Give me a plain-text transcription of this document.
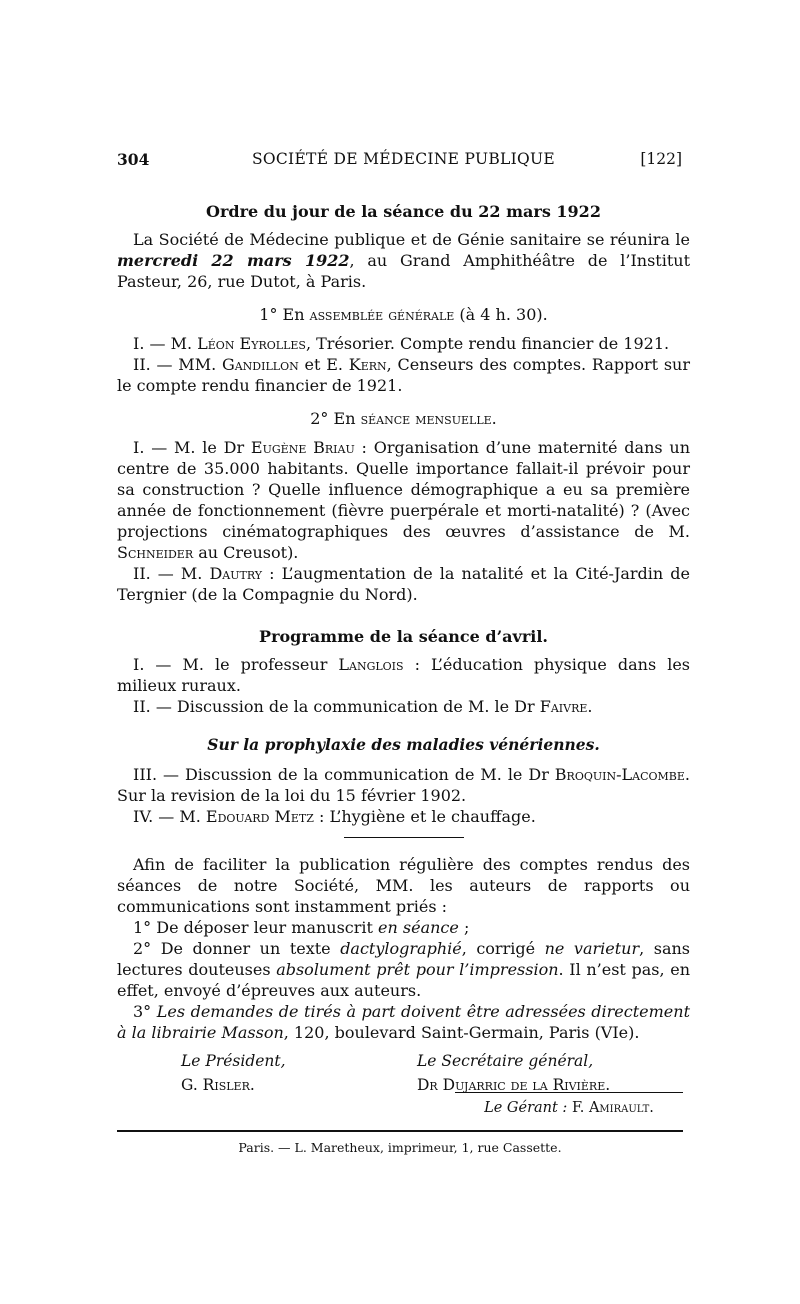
304	SOCIÉTÉ DE MÉDECINE PUBLIQUE	[122]
Ordre du jour de la séance du 22 mars 1922

La Société de Médecine publique et de Génie sanitaire se réunira le mercredi 22 mars 1922, au Grand Amphithéâtre de l’Institut Pasteur, 26, rue Dutot, à Paris.

1° En assemblée générale (à 4 h. 30).

I. — M. Léon Eyrolles, Trésorier. Compte rendu financier de 1921.

II. — MM. Gandillon et E. Kern, Censeurs des comptes. Rapport sur le compte rendu financier de 1921.

2° En séance mensuelle.

I. — M. le Dr Eugène Briau : Organisation d’une maternité dans un centre de 35.000 habitants. Quelle importance fallait-il prévoir pour sa construction ? Quelle influence démographique a eu sa première année de fonctionnement (fièvre puerpérale et morti-natalité) ? (Avec projections cinématographiques des œuvres d’assistance de M. Schneider au Creusot).

II. — M. Dautry : L’augmentation de la natalité et la Cité-Jardin de Tergnier (de la Compagnie du Nord).

Programme de la séance d’avril.

I. — M. le professeur Langlois : L’éducation physique dans les milieux ruraux.

II. — Discussion de la communication de M. le Dr Faivre.

Sur la prophylaxie des maladies vénériennes.

III. — Discussion de la communication de M. le Dr Broquin-Lacombe. Sur la revision de la loi du 15 février 1902.

IV. — M. Edouard Metz : L’hygiène et le chauffage.

Afin de faciliter la publication régulière des comptes rendus des séances de notre Société, MM. les auteurs de rapports ou communications sont instamment priés :

1° De déposer leur manuscrit en séance ;

2° De donner un texte dactylographié, corrigé ne varietur, sans lectures douteuses absolument prêt pour l’impression. Il n’est pas, en effet, envoyé d’épreuves aux auteurs.

3° Les demandes de tirés à part doivent être adressées directement à la librairie Masson, 120, boulevard Saint-Germain, Paris (VIe).

Le Président,
G. Risler.
Le Secrétaire général,
Dr Dujarric de la Rivière.
Le Gérant : F. Amirault.
Paris. — L. Maretheux, imprimeur, 1, rue Cassette.
